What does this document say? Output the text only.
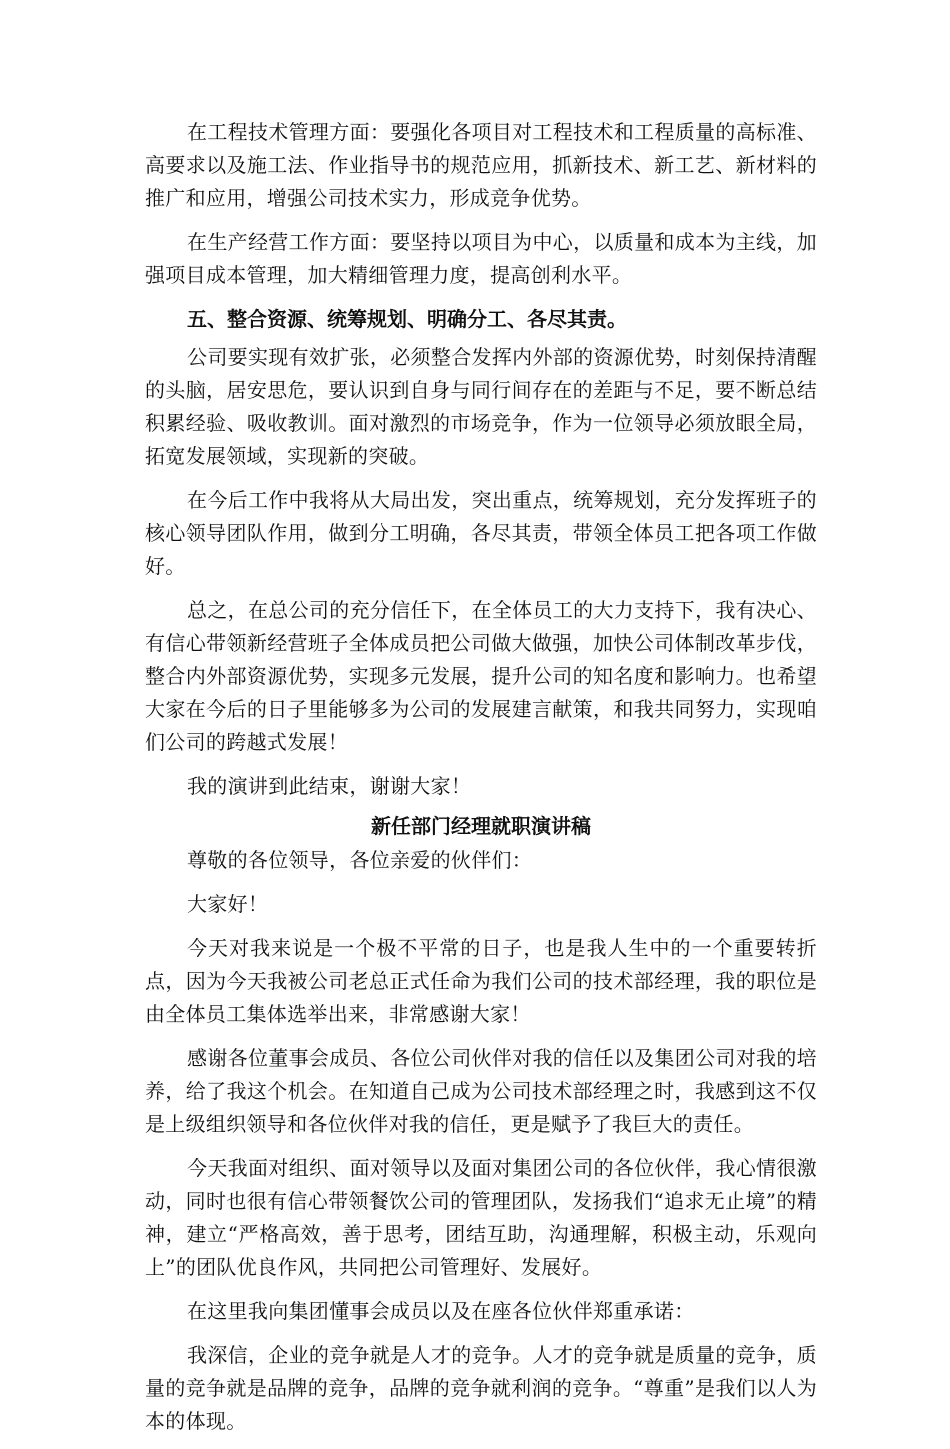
在工程技术管理方面：要强化各项目对工程技术和工程质量的高标准、高要求以及施工法、作业指导书的规范应用，抓新技术、新工艺、新材料的推广和应用，增强公司技术实力，形成竞争优势。

在生产经营工作方面：要坚持以项目为中心，以质量和成本为主线，加强项目成本管理，加大精细管理力度，提高创利水平。

五、整合资源、统筹规划、明确分工、各尽其责。

公司要实现有效扩张，必须整合发挥内外部的资源优势，时刻保持清醒的头脑，居安思危，要认识到自身与同行间存在的差距与不足，要不断总结积累经验、吸收教训。面对激烈的市场竞争，作为一位领导必须放眼全局，拓宽发展领域，实现新的突破。

在今后工作中我将从大局出发，突出重点，统筹规划，充分发挥班子的核心领导团队作用，做到分工明确，各尽其责，带领全体员工把各项工作做好。

总之，在总公司的充分信任下，在全体员工的大力支持下，我有决心、有信心带领新经营班子全体成员把公司做大做强，加快公司体制改革步伐，整合内外部资源优势，实现多元发展，提升公司的知名度和影响力。也希望大家在今后的日子里能够多为公司的发展建言献策，和我共同努力，实现咱们公司的跨越式发展！

我的演讲到此结束，谢谢大家！

新任部门经理就职演讲稿

尊敬的各位领导，各位亲爱的伙伴们：

大家好！

今天对我来说是一个极不平常的日子，也是我人生中的一个重要转折点，因为今天我被公司老总正式任命为我们公司的技术部经理，我的职位是由全体员工集体选举出来，非常感谢大家！

感谢各位董事会成员、各位公司伙伴对我的信任以及集团公司对我的培养，给了我这个机会。在知道自己成为公司技术部经理之时，我感到这不仅是上级组织领导和各位伙伴对我的信任，更是赋予了我巨大的责任。

今天我面对组织、面对领导以及面对集团公司的各位伙伴，我心情很激动，同时也很有信心带领餐饮公司的管理团队，发扬我们“追求无止境”的精神，建立“严格高效，善于思考，团结互助，沟通理解，积极主动，乐观向上”的团队优良作风，共同把公司管理好、发展好。

在这里我向集团懂事会成员以及在座各位伙伴郑重承诺：

我深信，企业的竞争就是人才的竞争。人才的竞争就是质量的竞争，质量的竞争就是品牌的竞争，品牌的竞争就利润的竞争。“尊重”是我们以人为本的体现。
